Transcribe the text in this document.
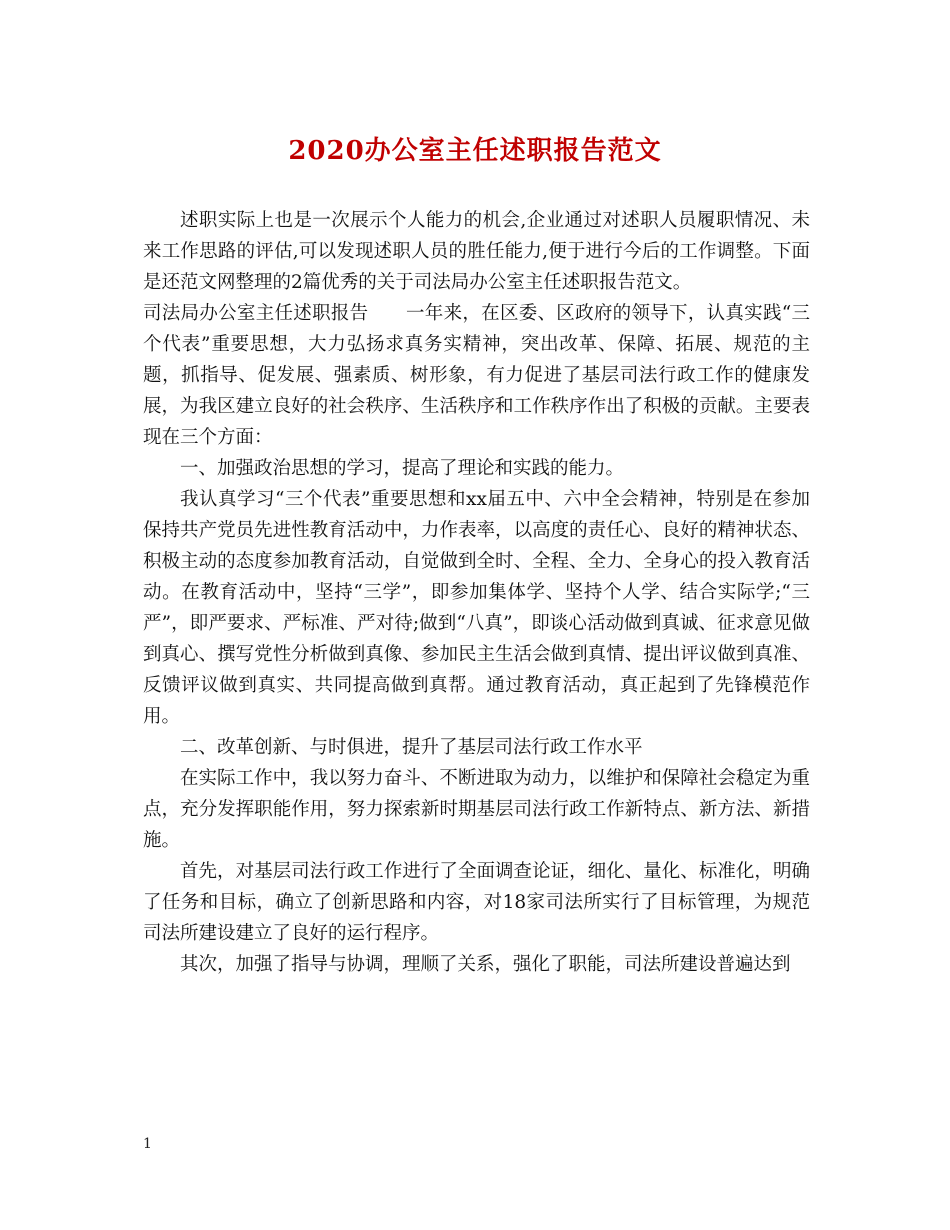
2020办公室主任述职报告范文

述职实际上也是一次展示个人能力的机会,企业通过对述职人员履职情况、未来工作思路的评估,可以发现述职人员的胜任能力,便于进行今后的工作调整。下面是还范文网整理的2篇优秀的关于司法局办公室主任述职报告范文。

司法局办公室主任述职报告　　一年来，在区委、区政府的领导下，认真实践“三个代表”重要思想，大力弘扬求真务实精神，突出改革、保障、拓展、规范的主题，抓指导、促发展、强素质、树形象，有力促进了基层司法行政工作的健康发展，为我区建立良好的社会秩序、生活秩序和工作秩序作出了积极的贡献。主要表现在三个方面：

一、加强政治思想的学习，提高了理论和实践的能力。

我认真学习“三个代表”重要思想和xx届五中、六中全会精神，特别是在参加保持共产党员先进性教育活动中，力作表率，以高度的责任心、良好的精神状态、积极主动的态度参加教育活动，自觉做到全时、全程、全力、全身心的投入教育活动。在教育活动中，坚持“三学”，即参加集体学、坚持个人学、结合实际学;“三严”，即严要求、严标准、严对待;做到“八真”，即谈心活动做到真诚、征求意见做到真心、撰写党性分析做到真像、参加民主生活会做到真情、提出评议做到真准、反馈评议做到真实、共同提高做到真帮。通过教育活动，真正起到了先锋模范作用。

二、改革创新、与时俱进，提升了基层司法行政工作水平

在实际工作中，我以努力奋斗、不断进取为动力，以维护和保障社会稳定为重点，充分发挥职能作用，努力探索新时期基层司法行政工作新特点、新方法、新措施。

首先，对基层司法行政工作进行了全面调查论证，细化、量化、标准化，明确了任务和目标，确立了创新思路和内容，对18家司法所实行了目标管理，为规范司法所建设建立了良好的运行程序。

其次，加强了指导与协调，理顺了关系，强化了职能，司法所建设普遍达到

1
